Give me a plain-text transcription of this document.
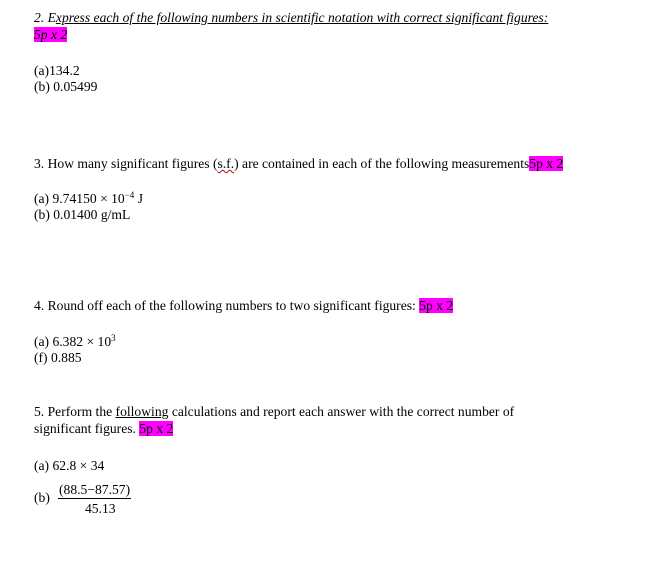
2. Express each of the following numbers in scientific notation with correct significant figures:
5p x 2
(a)134.2
(b) 0.05499
3. How many significant figures (s.f.) are contained in each of the following measurements5p x 2
(a) $9.74150 \times 10^{-4}$ J
(b) 0.01400 g/mL
4. Round off each of the following numbers to two significant figures: 5p x 2
(a) $6.382 \times 10^3$
(f) 0.885
5. Perform the following calculations and report each answer with the correct number of
significant figures. 5p x 2
(a) 62.8 × 34
(b)
(88.5−87.57)
45.13
